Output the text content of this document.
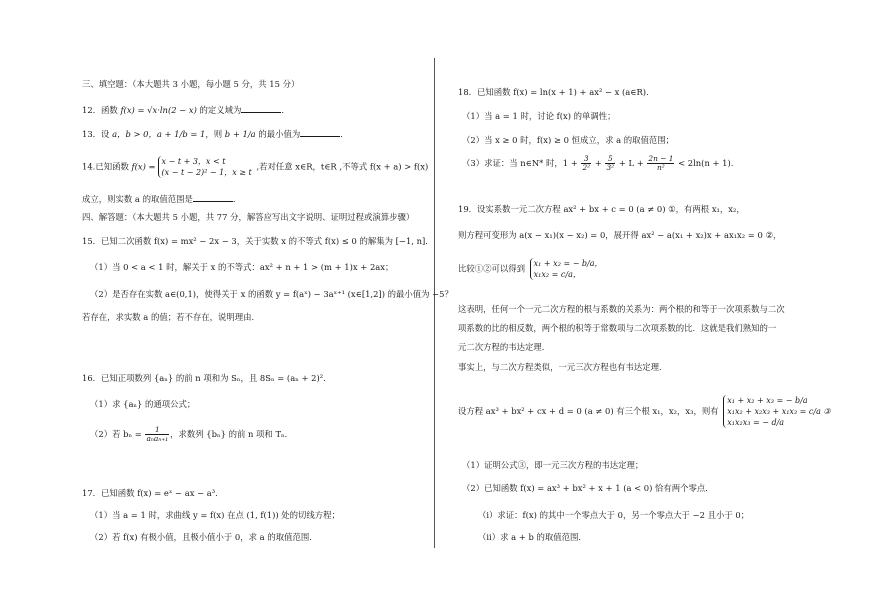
三、填空题：（本大题共 3 小题，每小题 5 分，共 15 分）
12．函数 f(x) = √x·ln(2 − x) 的定义域为	．
13．设 a，b > 0，a + 1/b = 1，则 b + 1/a 的最小值为	．
14.已知函数 f(x) = x − t + 3，x < t
(x − t − 2)² − 1，x ≥ t
,若对任意 x∈R，t∈R ,不等式 f(x + a) > f(x)
成立，则实数 a 的取值范围是	．
四、解答题：（本大题共 5 小题，共 77 分，解答应写出文字说明、证明过程或演算步骤）
15．已知二次函数 f(x) = mx² − 2x − 3，关于实数 x 的不等式 f(x) ≤ 0 的解集为 [−1, n]．
（1）当 0 < a < 1 时，解关于 x 的不等式：ax² + n + 1 > (m + 1)x + 2ax；
（2）是否存在实数 a∈(0,1)，使得关于 x 的函数 y = f(aˣ) − 3aˣ⁺¹ (x∈[1,2]) 的最小值为 −5？
若存在，求实数 a 的值；若不存在，说明理由．
16．已知正项数列 {aₙ} 的前 n 项和为 Sₙ，且 8Sₙ = (aₙ + 2)²．
（1）求 {aₙ} 的通项公式；
（2）若 $b_n = \frac{1}{\text{aₙaₙ₊₁}}$ ，求数列 {bₙ} 的前 n 项和 Tₙ．
17．已知函数 f(x) = eˣ − ax − a³．
（1）当 a = 1 时，求曲线 y = f(x) 在点 (1, f(1)) 处的切线方程；
（2）若 f(x) 有极小值，且极小值小于 0，求 a 的取值范围．
18．已知函数 f(x) = ln(x + 1) + ax² − x (a∈R)．
（1）当 a = 1 时，讨论 f(x) 的单调性；
（2）当 x ≥ 0 时，f(x) ≥ 0 恒成立，求 a 的取值范围；
（3）求证：当 n∈N* 时，$1 + \frac{3}{\text{2²}} + \frac{5}{\text{3²}} + L + \frac{2n - 1}{\text{n²}} < 2\ln(n + 1)$．
19．设实系数一元二次方程 ax² + bx + c = 0 (a ≠ 0) ①，有两根 x₁，x₂，
则方程可变形为 a(x − x₁)(x − x₂) = 0，展开得 ax² − a(x₁ + x₂)x + ax₁x₂ = 0 ②，
比较①②可以得到 x₁ + x₂ = − b/a，
x₁x₂ = c/a，
这表明，任何一个一元二次方程的根与系数的关系为：两个根的和等于一次项系数与二次
项系数的比的相反数，两个根的积等于常数项与二次项系数的比．这就是我们熟知的一
元二次方程的韦达定理．
事实上，与二次方程类似，一元三次方程也有韦达定理．
设方程 ax³ + bx² + cx + d = 0 (a ≠ 0) 有三个根 x₁，x₂，x₃，则有
x₁ + x₂ + x₃ = − b/a
x₁x₂ + x₂x₃ + x₁x₃ = c/a ③
x₁x₂x₃ = − d/a
（1）证明公式③，即一元三次方程的韦达定理；
（2）已知函数 f(x) = ax³ + bx² + x + 1 (a < 0) 恰有两个零点．
（i）求证：f(x) 的其中一个零点大于 0，另一个零点大于 −2 且小于 0；
（ii）求 a + b 的取值范围．
